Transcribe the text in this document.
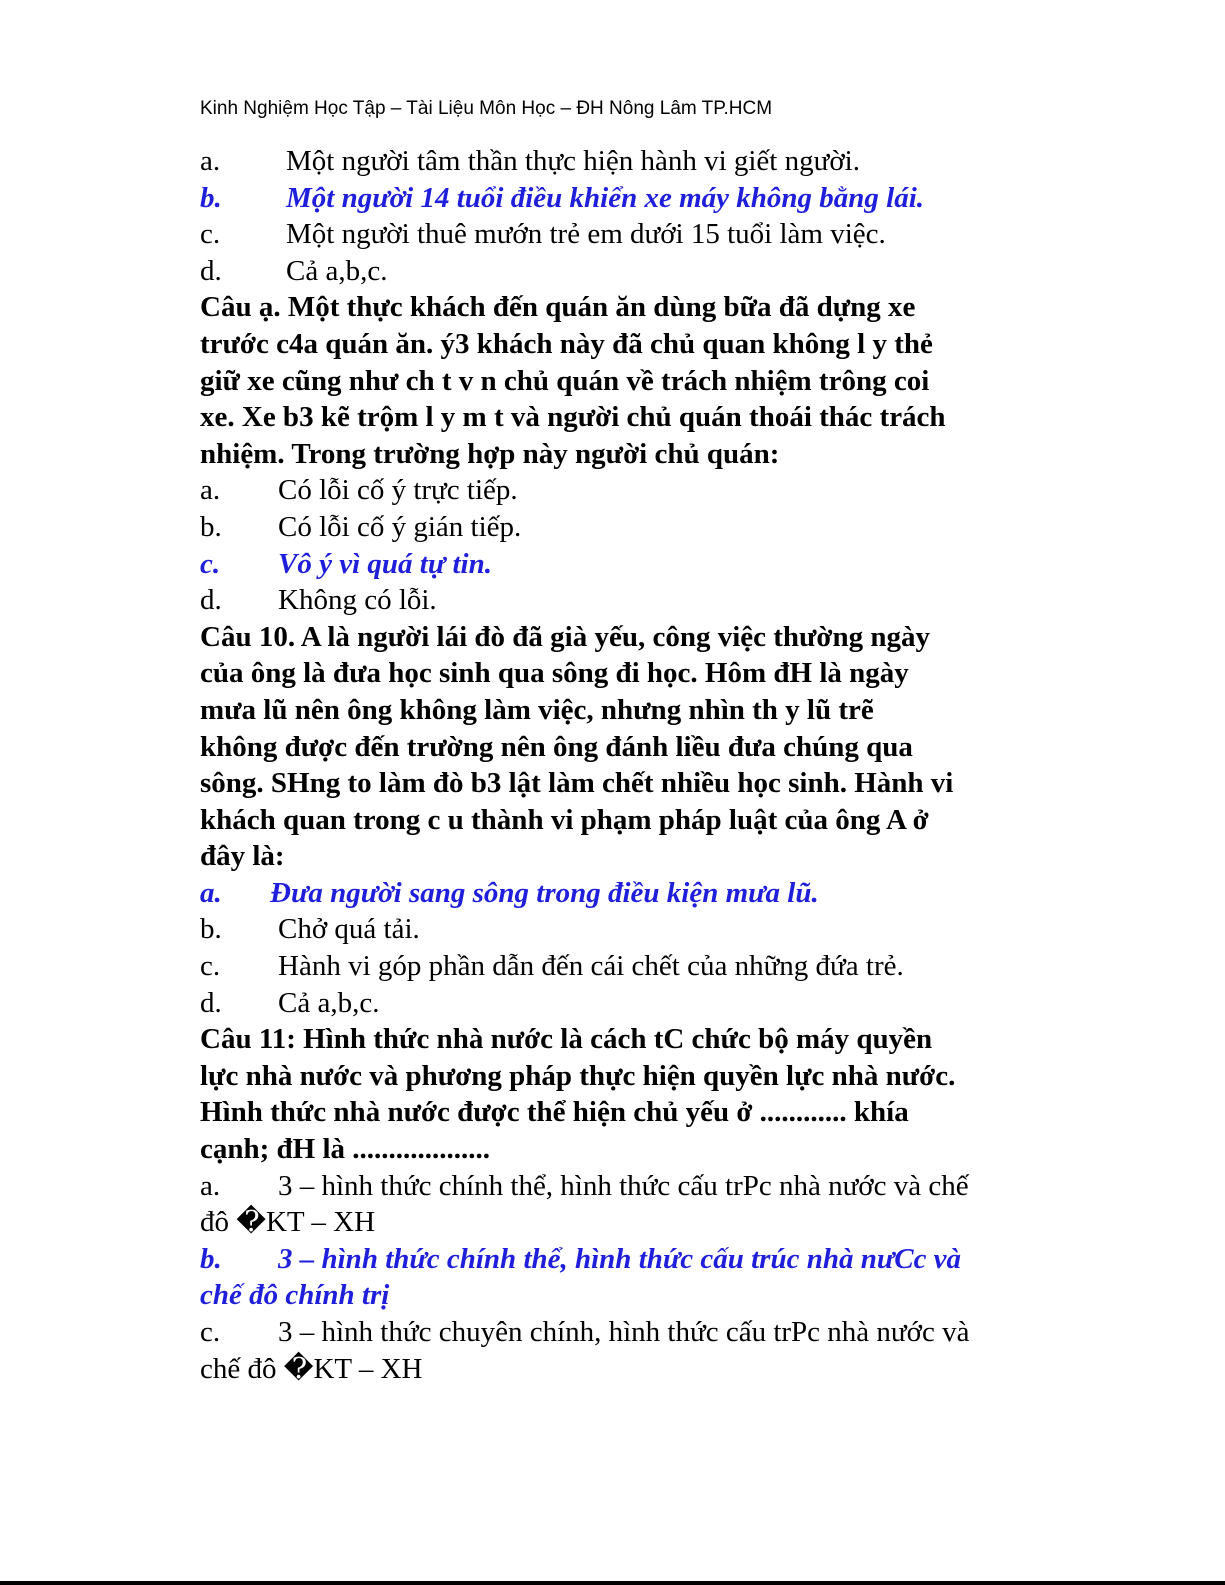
Kinh Nghiệm Học Tập – Tài Liệu Môn Học – ĐH Nông Lâm TP.HCM
a. Một người tâm thần thực hiện hành vi giết người.
b. Một người 14 tuổi điều khiển xe máy không bằng lái.
c. Một người thuê mướn trẻ em dưới 15 tuổi làm việc.
d. Cả a,b,c.
Câu ạ. Một thực khách đến quán ăn dùng bữa đã dựng xe
trước c4a quán ăn. ý3 khách này đã chủ quan không l y thẻ
giữ xe cũng như ch t v n chủ quán về trách nhiệm trông coi
xe. Xe b3 kẽ trộm l y m t và người chủ quán thoái thác trách
nhiệm. Trong trường hợp này người chủ quán:
a. Có lỗi cố ý trực tiếp.
b. Có lỗi cố ý gián tiếp.
c. Vô ý vì quá tự tin.
d. Không có lỗi.
Câu 10. A là người lái đò đã già yếu, công việc thường ngày
của ông là đưa học sinh qua sông đi học. Hôm đH là ngày
mưa lũ nên ông không làm việc, nhưng nhìn th y lũ trẽ
không được đến trường nên ông đánh liều đưa chúng qua
sông. SHng to làm đò b3 lật làm chết nhiều học sinh. Hành vi
khách quan trong c u thành vi phạm pháp luật của ông A ở
đây là:
a. Đưa người sang sông trong điều kiện mưa lũ.
b. Chở quá tải.
c. Hành vi góp phần dẫn đến cái chết của những đứa trẻ.
d. Cả a,b,c.
Câu 11: Hình thức nhà nước là cách tC chức bộ máy quyền
lực nhà nước và phương pháp thực hiện quyền lực nhà nước.
Hình thức nhà nước được thể hiện chủ yếu ở ............ khía
cạnh; đH là ...................
a. 3 – hình thức chính thể, hình thức cấu trPc nhà nước và chế
đô �KT – XH
b. 3 – hình thức chính thể, hình thức cấu trúc nhà nưCc và
chế đô chính trị
c. 3 – hình thức chuyên chính, hình thức cấu trPc nhà nước và
chế đô �KT – XH
